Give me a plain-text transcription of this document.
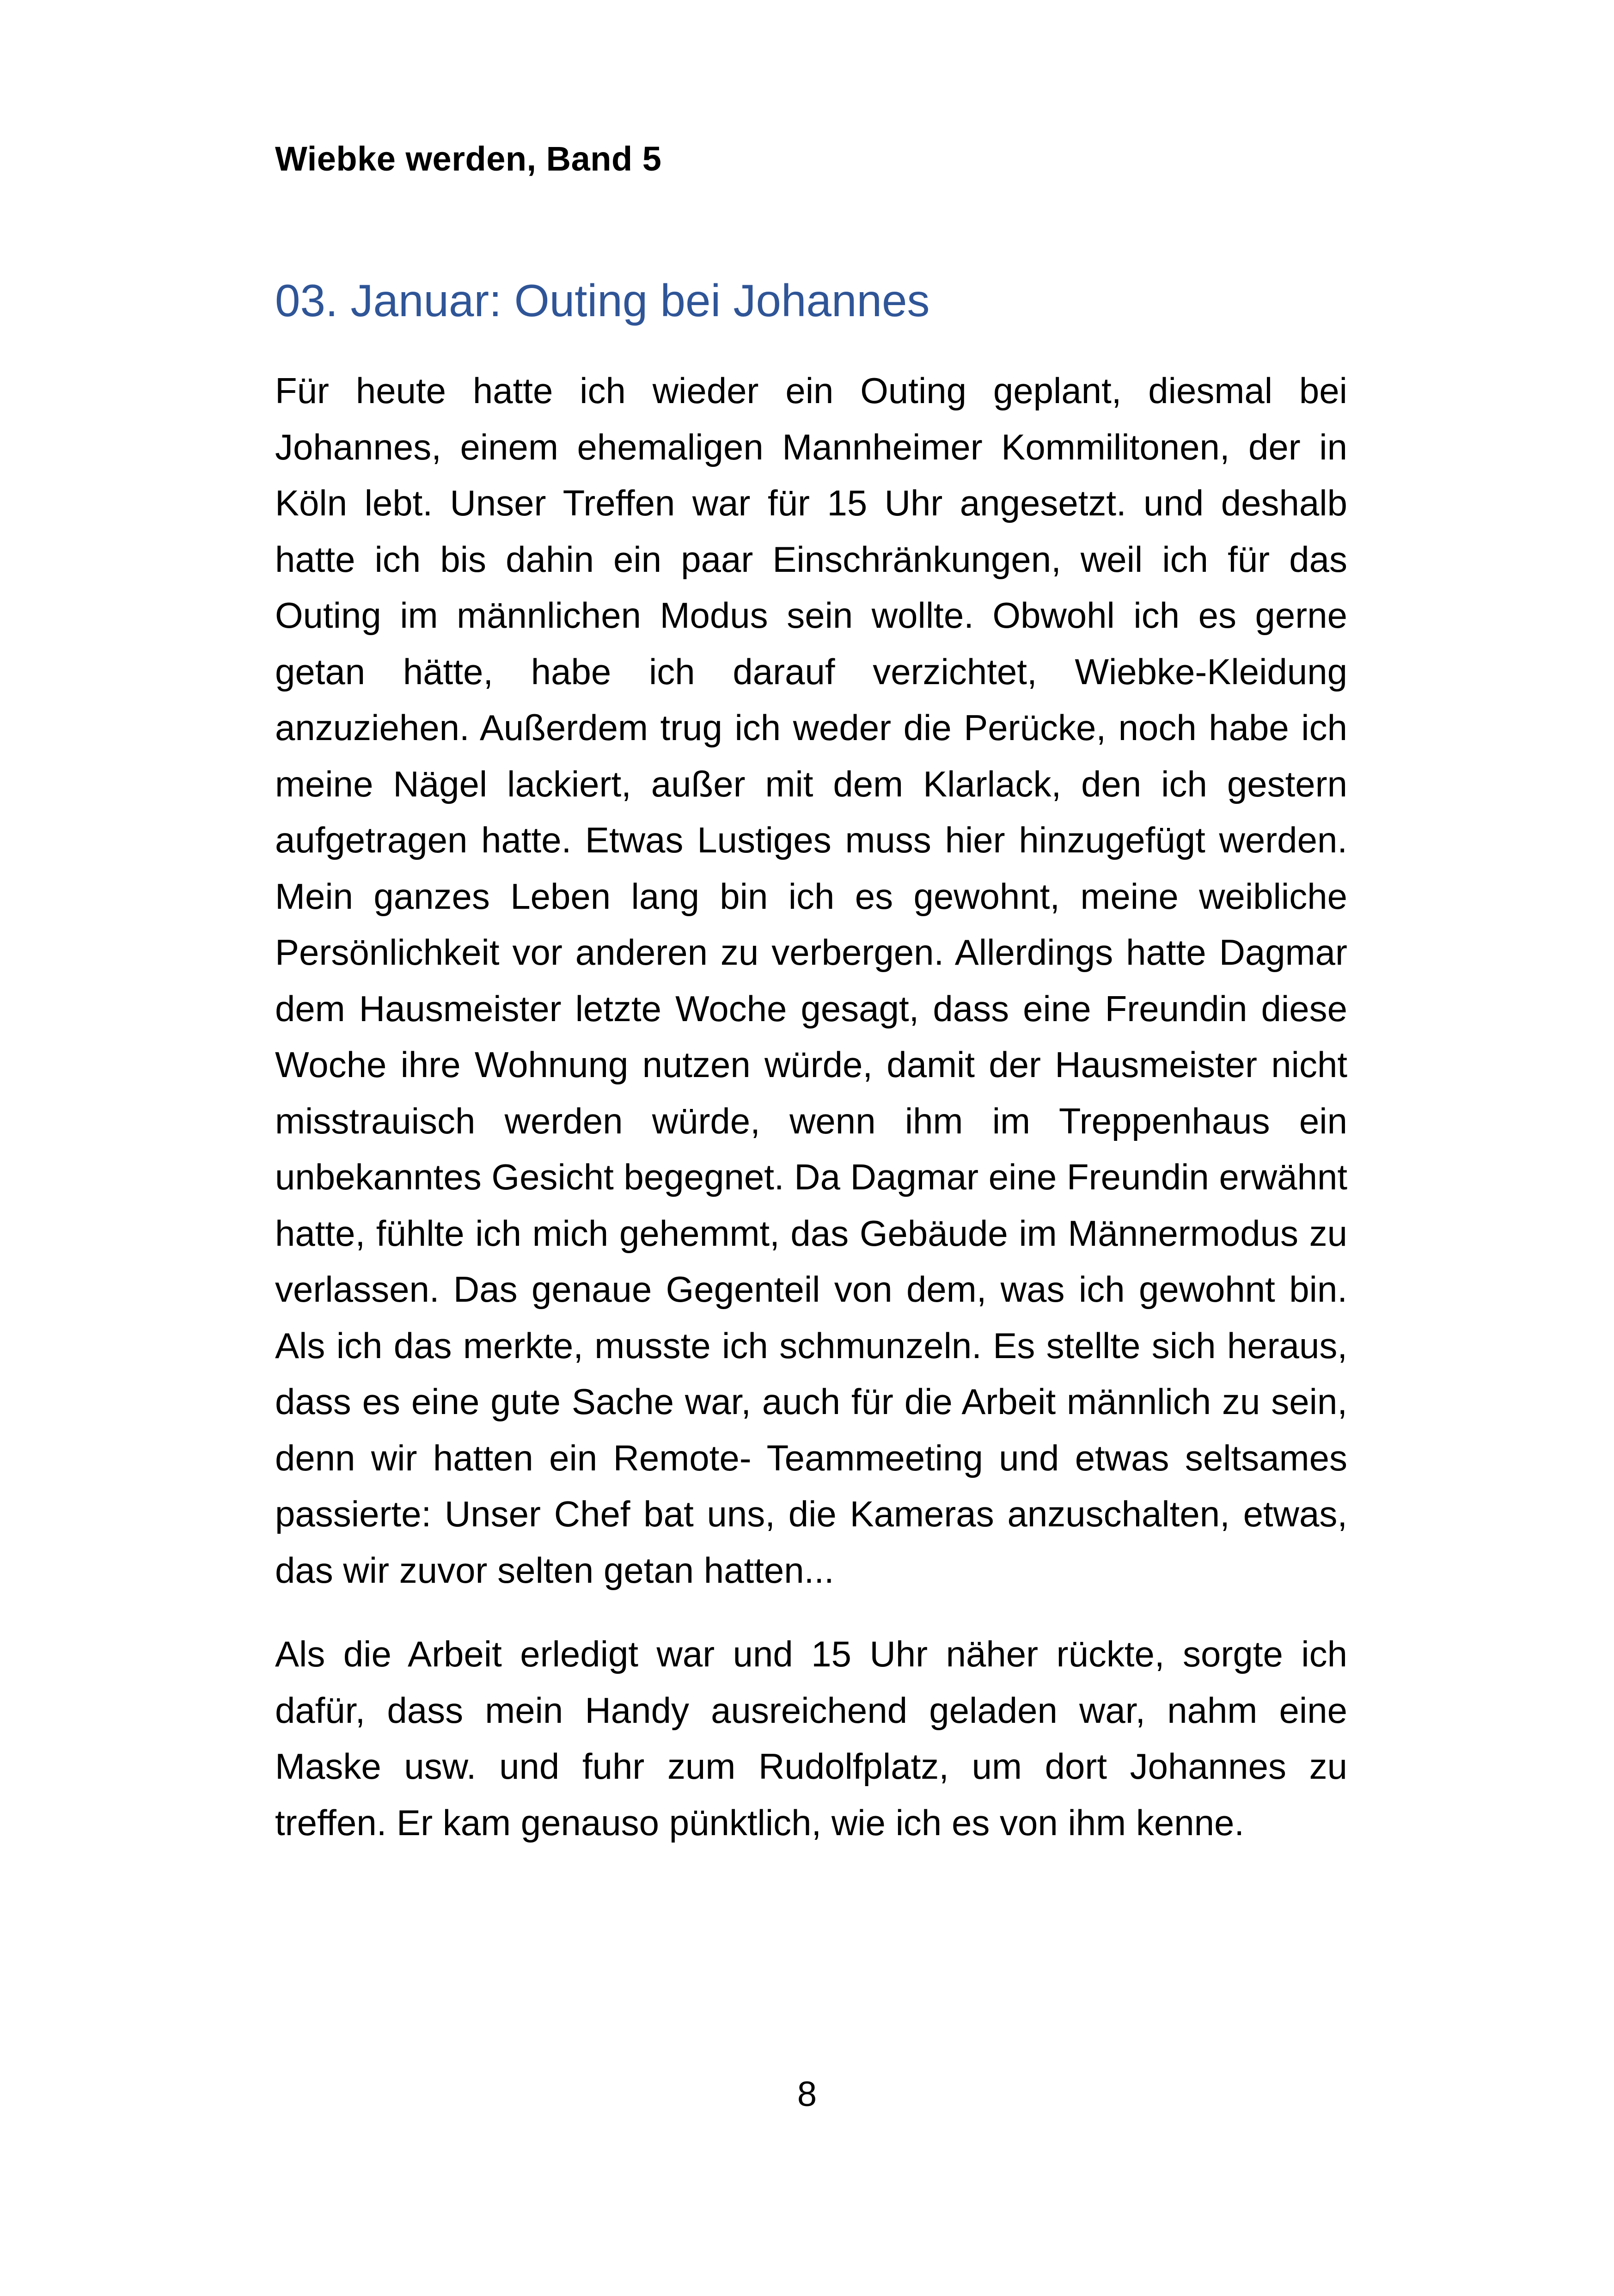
Wiebke werden, Band 5
03. Januar: Outing bei Johannes

Für heute hatte ich wieder ein Outing geplant, diesmal bei Johannes, einem ehemaligen Mannheimer Kommilitonen, der in Köln lebt. Unser Treffen war für 15 Uhr angesetzt. und deshalb hatte ich bis dahin ein paar Einschränkungen, weil ich für das Outing im männlichen Modus sein wollte. Obwohl ich es gerne getan hätte, habe ich darauf verzichtet, Wiebke-Kleidung anzuziehen. Außerdem trug ich weder die Perücke, noch habe ich meine Nägel lackiert, außer mit dem Klarlack, den ich gestern aufgetragen hatte. Etwas Lustiges muss hier hinzugefügt werden. Mein ganzes Leben lang bin ich es gewohnt, meine weibliche Persönlichkeit vor anderen zu verbergen. Allerdings hatte Dagmar dem Hausmeister letzte Woche gesagt, dass eine Freundin diese Woche ihre Wohnung nutzen würde, damit der Hausmeister nicht misstrauisch werden würde, wenn ihm im Treppenhaus ein unbekanntes Gesicht begegnet. Da Dagmar eine Freundin erwähnt hatte, fühlte ich mich gehemmt, das Gebäude im Männermodus zu verlassen. Das genaue Gegenteil von dem, was ich gewohnt bin. Als ich das merkte, musste ich schmunzeln. Es stellte sich heraus, dass es eine gute Sache war, auch für die Arbeit männlich zu sein, denn wir hatten ein Remote- Teammeeting und etwas seltsames passierte: Unser Chef bat uns, die Kameras anzuschalten, etwas, das wir zuvor selten getan hatten...

Als die Arbeit erledigt war und 15 Uhr näher rückte, sorgte ich dafür, dass mein Handy ausreichend geladen war, nahm eine Maske usw. und fuhr zum Rudolfplatz, um dort Johannes zu treffen. Er kam genauso pünktlich, wie ich es von ihm kenne.

8
